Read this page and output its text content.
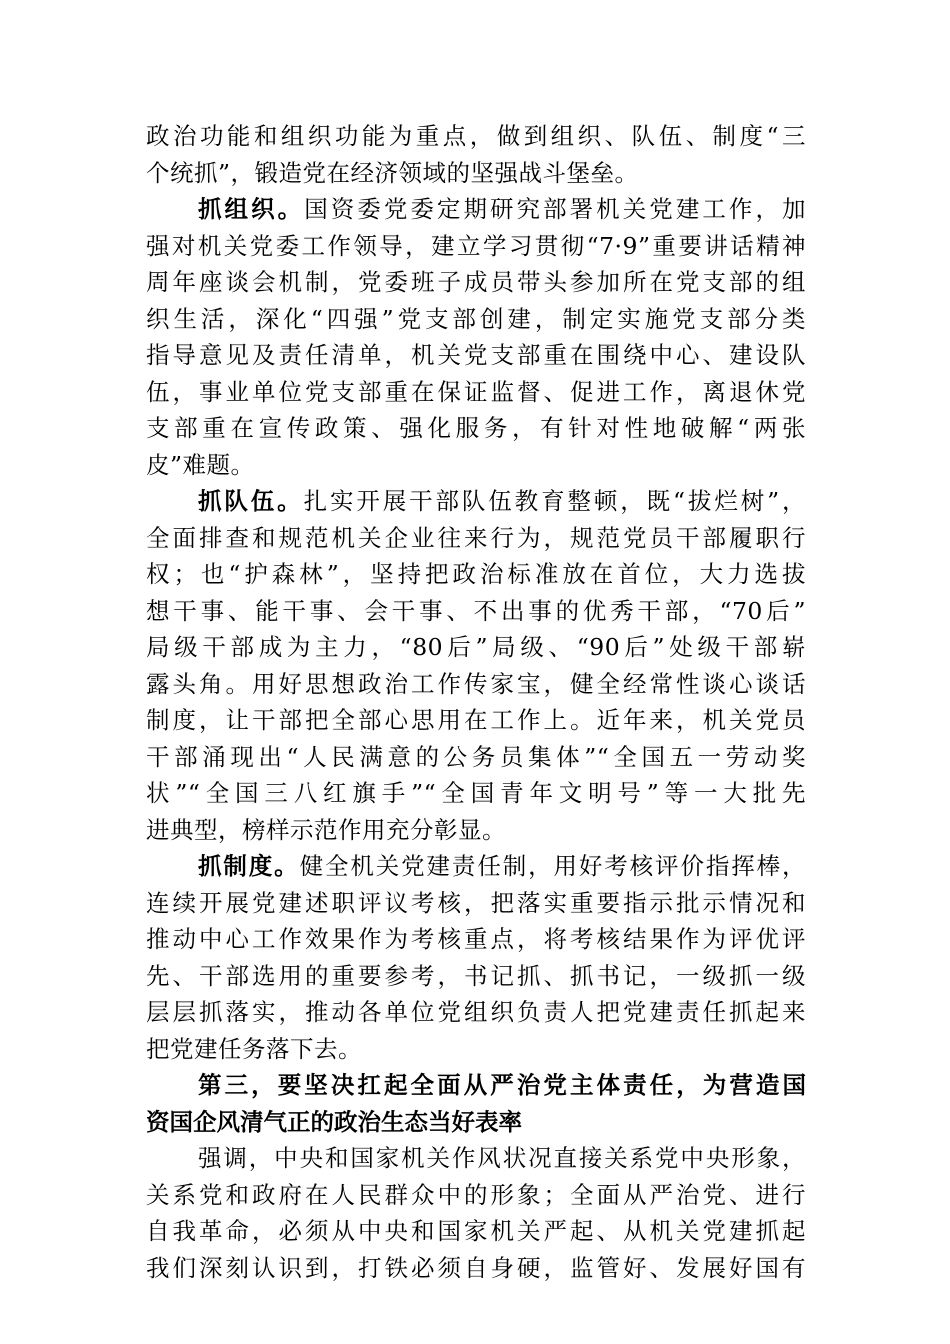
政治功能和组织功能为重点，做到组织、队伍、制度“三
个统抓”，锻造党在经济领域的坚强战斗堡垒。
抓组织。国资委党委定期研究部署机关党建工作，加
强对机关党委工作领导，建立学习贯彻“7·9”重要讲话精神
周年座谈会机制，党委班子成员带头参加所在党支部的组
织生活，深化“四强”党支部创建，制定实施党支部分类
指导意见及责任清单，机关党支部重在围绕中心、建设队
伍，事业单位党支部重在保证监督、促进工作，离退休党
支部重在宣传政策、强化服务，有针对性地破解“两张
皮”难题。
抓队伍。扎实开展干部队伍教育整顿，既“拔烂树”，
全面排查和规范机关企业往来行为，规范党员干部履职行
权；也“护森林”，坚持把政治标准放在首位，大力选拔
想干事、能干事、会干事、不出事的优秀干部，“70后”
局级干部成为主力，“80后”局级、“90后”处级干部崭
露头角。用好思想政治工作传家宝，健全经常性谈心谈话
制度，让干部把全部心思用在工作上。近年来，机关党员
干部涌现出“人民满意的公务员集体”“全国五一劳动奖
状”“全国三八红旗手”“全国青年文明号”等一大批先
进典型，榜样示范作用充分彰显。
抓制度。健全机关党建责任制，用好考核评价指挥棒，
连续开展党建述职评议考核，把落实重要指示批示情况和
推动中心工作效果作为考核重点，将考核结果作为评优评
先、干部选用的重要参考，书记抓、抓书记，一级抓一级
层层抓落实，推动各单位党组织负责人把党建责任抓起来
把党建任务落下去。
第三，要坚决扛起全面从严治党主体责任，为营造国
资国企风清气正的政治生态当好表率
强调，中央和国家机关作风状况直接关系党中央形象，
关系党和政府在人民群众中的形象；全面从严治党、进行
自我革命，必须从中央和国家机关严起、从机关党建抓起
我们深刻认识到，打铁必须自身硬，监管好、发展好国有
